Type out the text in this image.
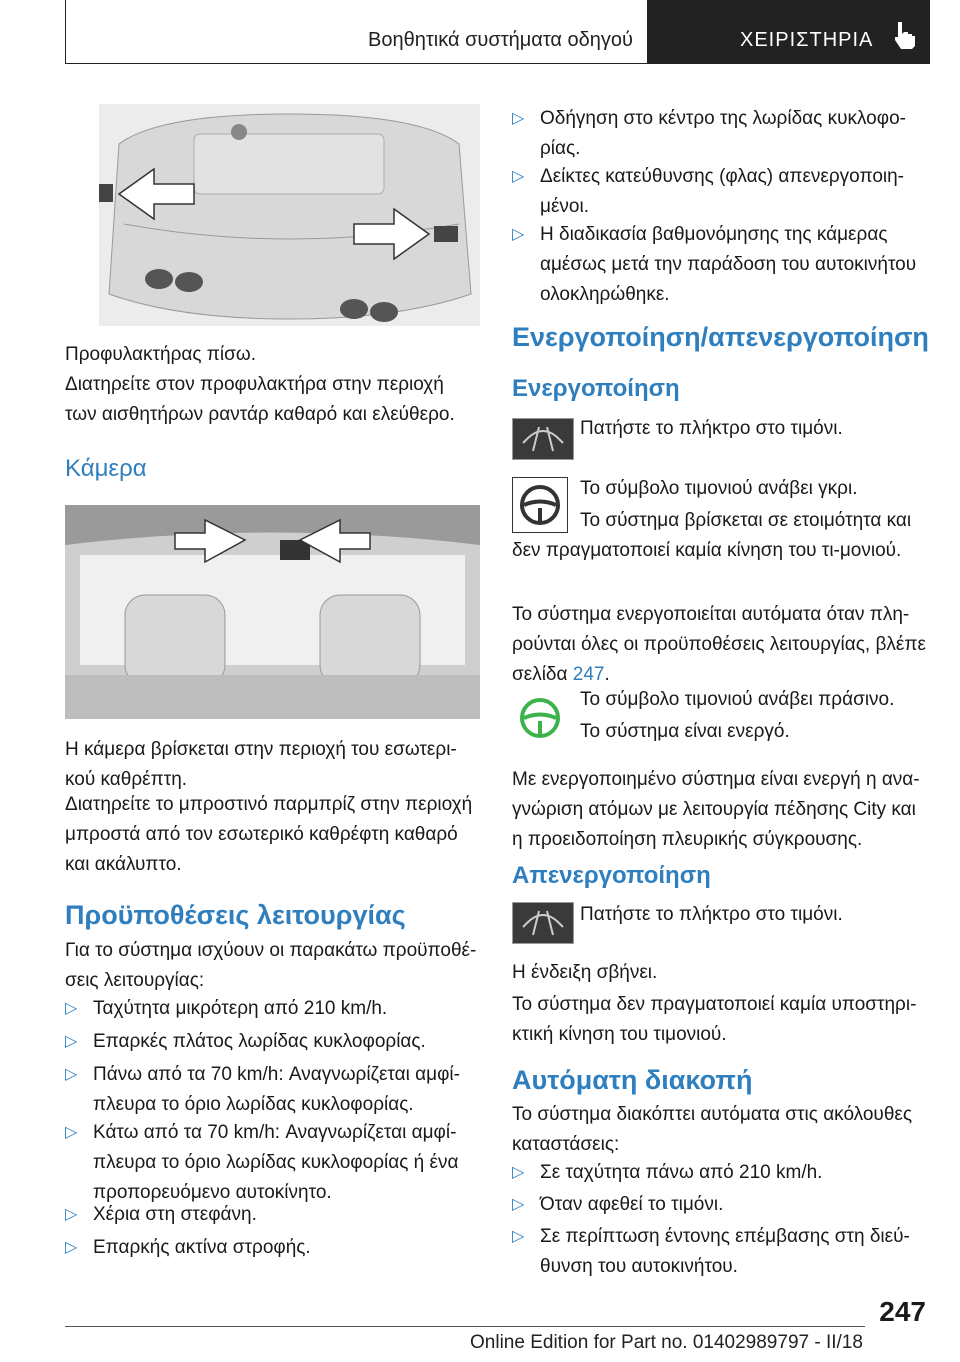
Βοηθητικά συστήματα οδηγού	ΧΕΙΡΙΣΤΗΡΙΑ

Προφυλακτήρας πίσω.

Διατηρείτε στον προφυλακτήρα στην περιοχή των αισθητήρων ραντάρ καθαρό και ελεύθερο.

Κάμερα

Η κάμερα βρίσκεται στην περιοχή του εσωτερι-κού καθρέπτη.

Διατηρείτε το μπροστινό παρμπρίζ στην περιοχή μπροστά από τον εσωτερικό καθρέφτη καθαρό και ακάλυπτο.

Προϋποθέσεις λειτουργίας

Για το σύστημα ισχύουν οι παρακάτω προϋποθέ-σεις λειτουργίας:

▷ Ταχύτητα μικρότερη από 210 km/h.
▷ Επαρκές πλάτος λωρίδας κυκλοφορίας.
▷ Πάνω από τα 70 km/h: Αναγνωρίζεται αμφί-πλευρα το όριο λωρίδας κυκλοφορίας.
▷ Κάτω από τα 70 km/h: Αναγνωρίζεται αμφί-πλευρα το όριο λωρίδας κυκλοφορίας ή ένα προπορευόμενο αυτοκίνητο.
▷ Χέρια στη στεφάνη.
▷ Επαρκής ακτίνα στροφής.
▷ Οδήγηση στο κέντρο της λωρίδας κυκλοφο-ρίας.
▷ Δείκτες κατεύθυνσης (φλας) απενεργοποιη-μένοι.
▷ Η διαδικασία βαθμονόμησης της κάμερας αμέσως μετά την παράδοση του αυτοκινήτου ολοκληρώθηκε.
Ενεργοποίηση/απενεργοποίηση
Ενεργοποίηση

Πατήστε το πλήκτρο στο τιμόνι.

Το σύμβολο τιμονιού ανάβει γκρι.

Το σύστημα βρίσκεται σε ετοιμότητα και δεν πραγματοποιεί καμία κίνηση του τι-μονιού.

Το σύστημα ενεργοποιείται αυτόματα όταν πλη-ρούνται όλες οι προϋποθέσεις λειτουργίας, βλέπε σελίδα 247.

Το σύμβολο τιμονιού ανάβει πράσινο.

Το σύστημα είναι ενεργό.

Με ενεργοποιημένο σύστημα είναι ενεργή η ανα-γνώριση ατόμων με λειτουργία πέδησης City και η προειδοποίηση πλευρικής σύγκρουσης.

Απενεργοποίηση

Πατήστε το πλήκτρο στο τιμόνι.

Η ένδειξη σβήνει.

Το σύστημα δεν πραγματοποιεί καμία υποστηρι-κτική κίνηση του τιμονιού.

Αυτόματη διακοπή

Το σύστημα διακόπτει αυτόματα στις ακόλουθες καταστάσεις:

▷ Σε ταχύτητα πάνω από 210 km/h.
▷ Όταν αφεθεί το τιμόνι.
▷ Σε περίπτωση έντονης επέμβασης στη διεύ-θυνση του αυτοκινήτου.
247
Online Edition for Part no. 01402989797 - II/18
